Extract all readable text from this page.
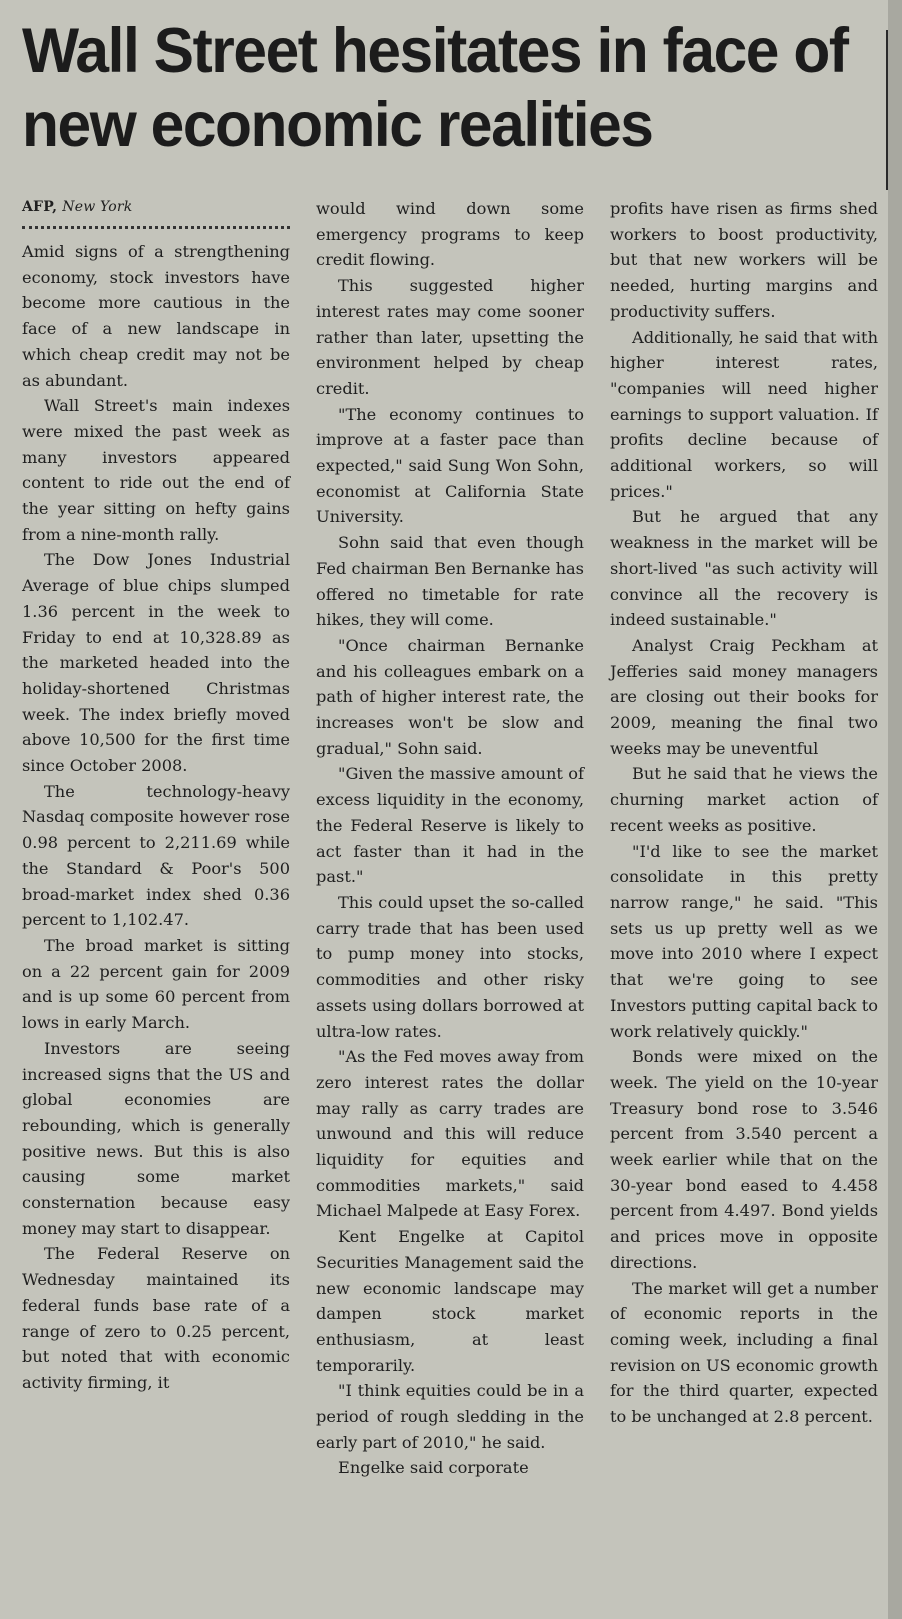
Wall Street hesitates in face of new economic realities
AFP, New York

Amid signs of a strengthening economy, stock investors have become more cautious in the face of a new landscape in which cheap credit may not be as abundant.

Wall Street's main indexes were mixed the past week as many investors appeared content to ride out the end of the year sitting on hefty gains from a nine-month rally.

The Dow Jones Industrial Average of blue chips slumped 1.36 percent in the week to Friday to end at 10,328.89 as the marketed headed into the holiday-shortened Christmas week. The index briefly moved above 10,500 for the first time since October 2008.

The technology-heavy Nasdaq composite however rose 0.98 percent to 2,211.69 while the Standard & Poor's 500 broad-market index shed 0.36 percent to 1,102.47.

The broad market is sitting on a 22 percent gain for 2009 and is up some 60 percent from lows in early March.

Investors are seeing increased signs that the US and global economies are rebounding, which is generally positive news. But this is also causing some market consternation because easy money may start to disappear.

The Federal Reserve on Wednesday maintained its federal funds base rate of a range of zero to 0.25 percent, but noted that with economic activity firming, it

would wind down some emergency programs to keep credit flowing.

This suggested higher interest rates may come sooner rather than later, upsetting the environment helped by cheap credit.

"The economy continues to improve at a faster pace than expected," said Sung Won Sohn, economist at California State University.

Sohn said that even though Fed chairman Ben Bernanke has offered no timetable for rate hikes, they will come.

"Once chairman Bernanke and his colleagues embark on a path of higher interest rate, the increases won't be slow and gradual," Sohn said.

"Given the massive amount of excess liquidity in the economy, the Federal Reserve is likely to act faster than it had in the past."

This could upset the so-called carry trade that has been used to pump money into stocks, commodities and other risky assets using dollars borrowed at ultra-low rates.

"As the Fed moves away from zero interest rates the dollar may rally as carry trades are unwound and this will reduce liquidity for equities and commodities markets," said Michael Malpede at Easy Forex.

Kent Engelke at Capitol Securities Management said the new economic landscape may dampen stock market enthusiasm, at least temporarily.

"I think equities could be in a period of rough sledding in the early part of 2010," he said.

Engelke said corporate

profits have risen as firms shed workers to boost productivity, but that new workers will be needed, hurting margins and productivity suffers.

Additionally, he said that with higher interest rates, "companies will need higher earnings to support valuation. If profits decline because of additional workers, so will prices."

But he argued that any weakness in the market will be short-lived "as such activity will convince all the recovery is indeed sustainable."

Analyst Craig Peckham at Jefferies said money managers are closing out their books for 2009, meaning the final two weeks may be uneventful

But he said that he views the churning market action of recent weeks as positive.

"I'd like to see the market consolidate in this pretty narrow range," he said. "This sets us up pretty well as we move into 2010 where I expect that we're going to see Investors putting capital back to work relatively quickly."

Bonds were mixed on the week. The yield on the 10-year Treasury bond rose to 3.546 percent from 3.540 percent a week earlier while that on the 30-year bond eased to 4.458 percent from 4.497. Bond yields and prices move in opposite directions.

The market will get a number of economic reports in the coming week, including a final revision on US economic growth for the third quarter, expected to be unchanged at 2.8 percent.
